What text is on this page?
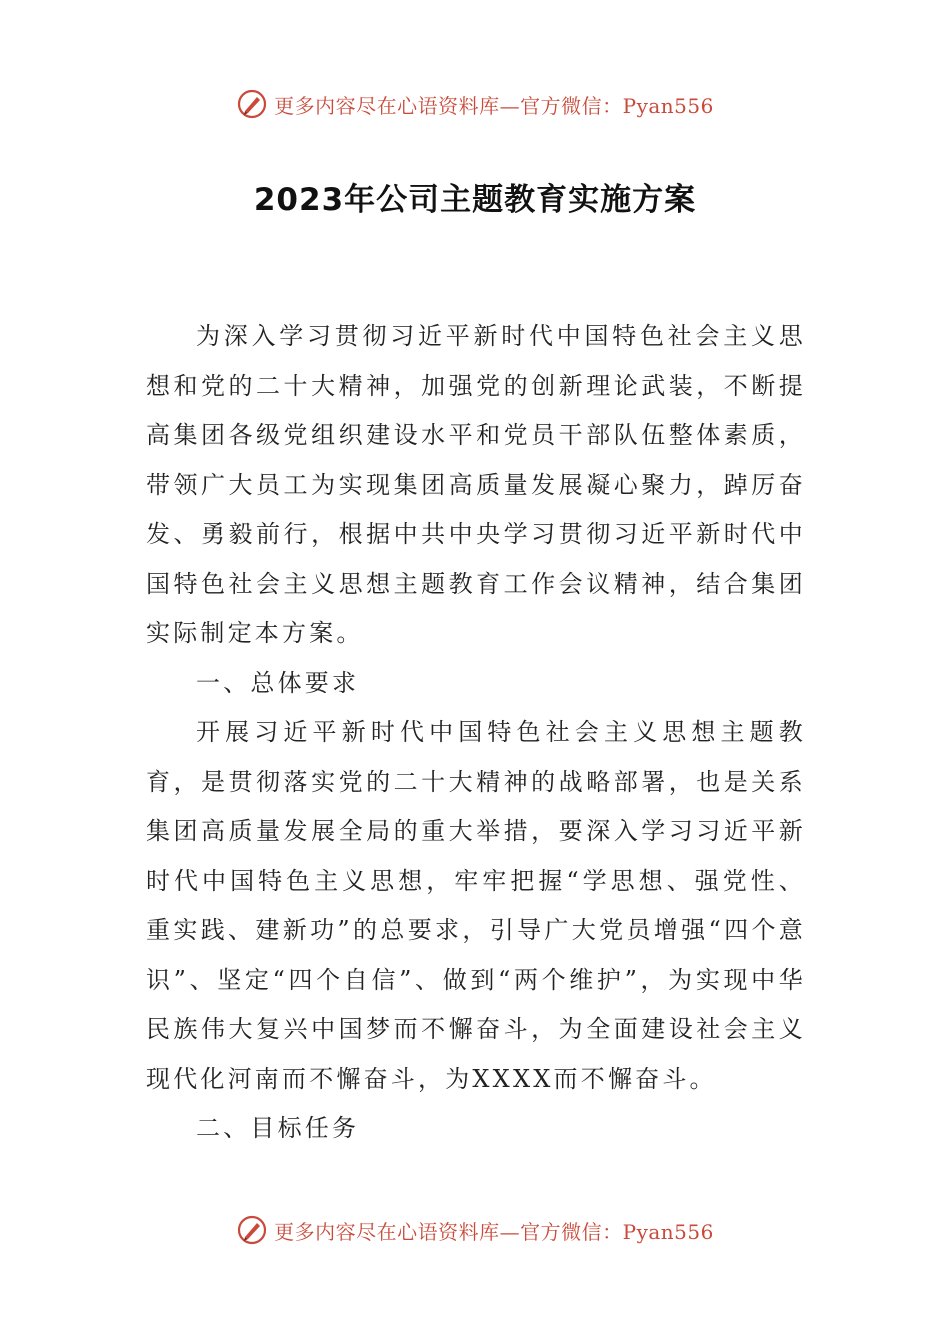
更多内容尽在心语资料库—官方微信：Pyan556
2023年公司主题教育实施方案

为深入学习贯彻习近平新时代中国特色社会主义思想和党的二十大精神，加强党的创新理论武装，不断提高集团各级党组织建设水平和党员干部队伍整体素质，带领广大员工为实现集团高质量发展凝心聚力，踔厉奋发、勇毅前行，根据中共中央学习贯彻习近平新时代中国特色社会主义思想主题教育工作会议精神，结合集团实际制定本方案。

一、总体要求

开展习近平新时代中国特色社会主义思想主题教育，是贯彻落实党的二十大精神的战略部署，也是关系集团高质量发展全局的重大举措，要深入学习习近平新时代中国特色主义思想，牢牢把握“学思想、强党性、重实践、建新功”的总要求，引导广大党员增强“四个意识”、坚定“四个自信”、做到“两个维护”，为实现中华民族伟大复兴中国梦而不懈奋斗，为全面建设社会主义现代化河南而不懈奋斗，为XXXX而不懈奋斗。

二、目标任务

更多内容尽在心语资料库—官方微信：Pyan556
